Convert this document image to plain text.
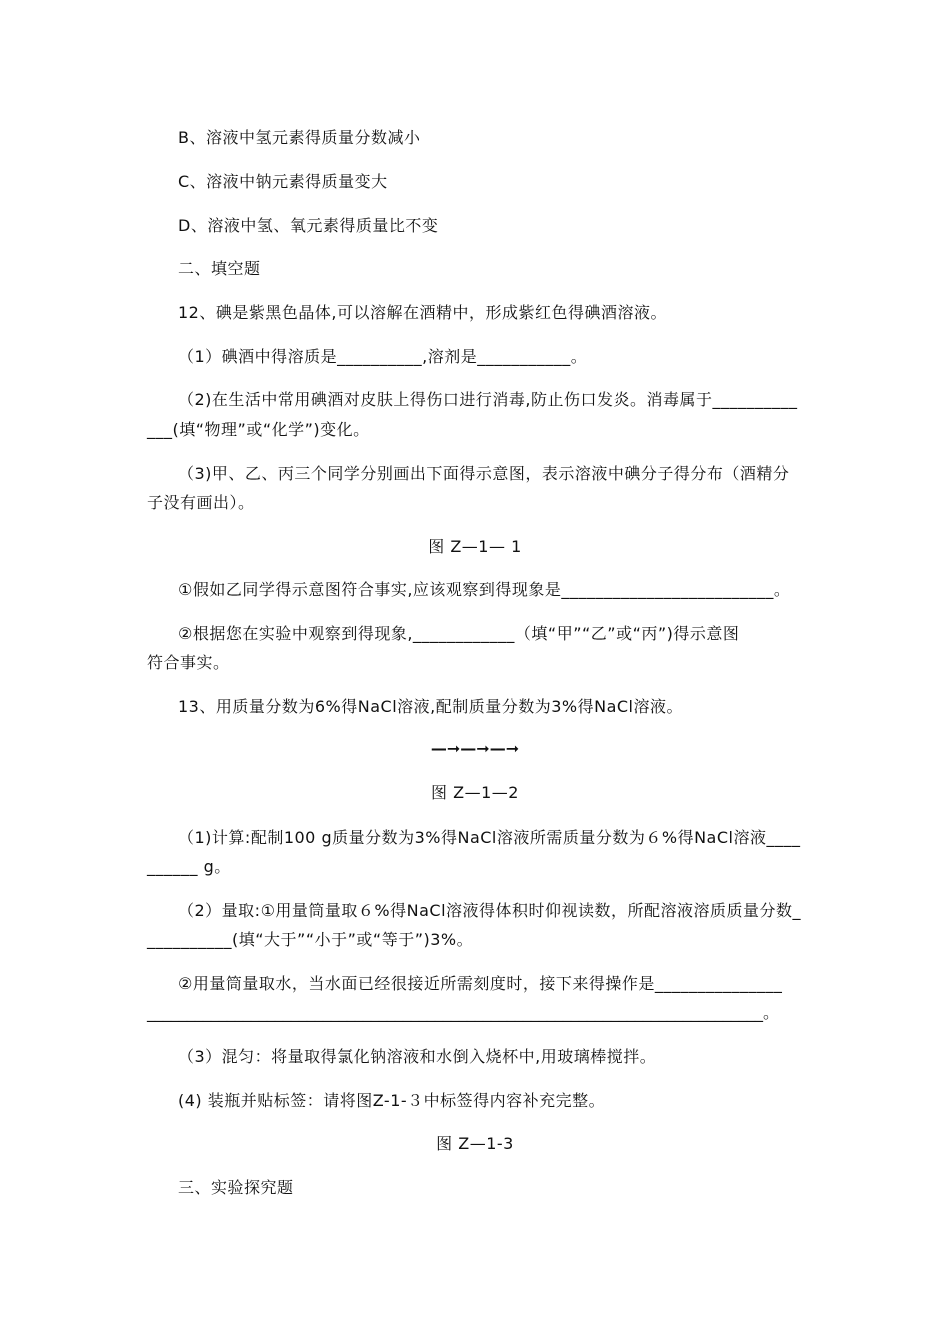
B、溶液中氢元素得质量分数减小
C、溶液中钠元素得质量变大
D、溶液中氢、氧元素得质量比不变
二、填空题
12、碘是紫黑色晶体,可以溶解在酒精中，形成紫红色得碘酒溶液。
（1）碘酒中得溶质是__________,溶剂是___________。
（2)在生活中常用碘酒对皮肤上得伤口进行消毒,防止伤口发炎。消毒属于__________
___(填“物理”或“化学”)变化。
（3)甲、乙、丙三个同学分别画出下面得示意图，表示溶液中碘分子得分布（酒精分
子没有画出）。
图 Z—1— 1
①假如乙同学得示意图符合事实,应该观察到得现象是_________________________。
②根据您在实验中观察到得现象,____________（填“甲”“乙”或“丙”)得示意图
符合事实。
13、用质量分数为6%得NaCl溶液,配制质量分数为3%得NaCl溶液。
—➞—➞—➞
图 Z—1—2
（1)计算:配制100 g质量分数为3%得NaCl溶液所需质量分数为６%得NaCl溶液____
______ g。
（2）量取:①用量筒量取６%得NaCl溶液得体积时仰视读数，所配溶液溶质质量分数_
__________(填“大于”“小于”或“等于”)3%。
②用量筒量取水，当水面已经很接近所需刻度时，接下来得操作是_______________
_____________________________________________________________________________。
（3）混匀：将量取得氯化钠溶液和水倒入烧杯中,用玻璃棒搅拌。
(4) 装瓶并贴标签：请将图Z-1-３中标签得内容补充完整。
图 Z—1-3
三、实验探究题
